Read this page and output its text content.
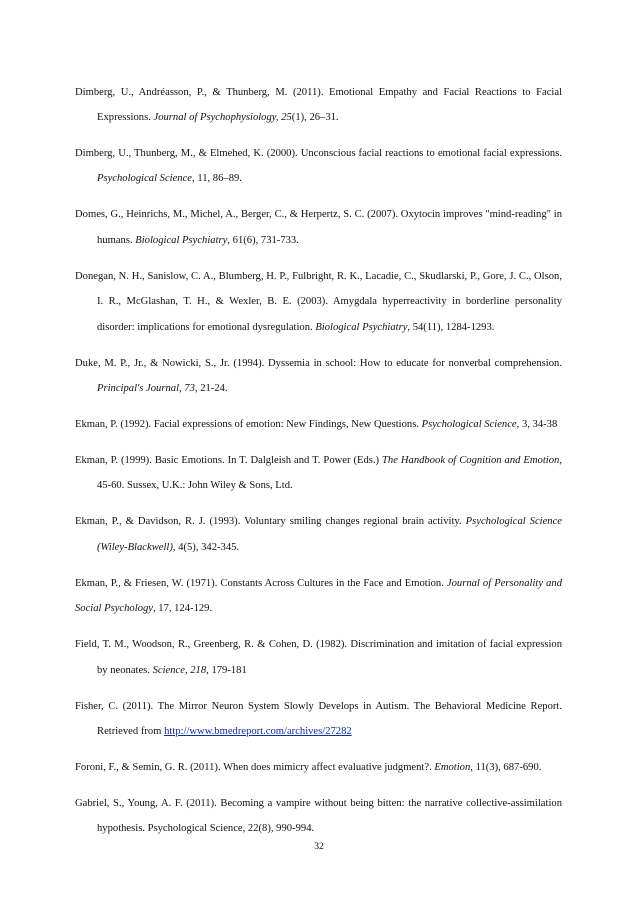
Dimberg, U., Andréasson, P., & Thunberg, M. (2011). Emotional Empathy and Facial Reactions to Facial Expressions. Journal of Psychophysiology, 25(1), 26–31.

Dimberg, U., Thunberg, M., & Elmehed, K. (2000). Unconscious facial reactions to emotional facial expressions. Psychological Science, 11, 86–89.

Domes, G., Heinrichs, M., Michel, A., Berger, C., & Herpertz, S. C. (2007). Oxytocin improves "mind-reading" in humans. Biological Psychiatry, 61(6), 731-733.

Donegan, N. H., Sanislow, C. A., Blumberg, H. P., Fulbright, R. K., Lacadie, C., Skudlarski, P., Gore, J. C., Olson, I. R., McGlashan, T. H., & Wexler, B. E. (2003). Amygdala hyperreactivity in borderline personality disorder: implications for emotional dysregulation. Biological Psychiatry, 54(11), 1284-1293.

Duke, M. P., Jr., & Nowicki, S., Jr. (1994). Dyssemia in school: How to educate for nonverbal comprehension. Principal's Journal, 73, 21-24.

Ekman, P. (1992). Facial expressions of emotion: New Findings, New Questions. Psychological Science, 3, 34-38

Ekman, P. (1999). Basic Emotions. In T. Dalgleish and T. Power (Eds.) The Handbook of Cognition and Emotion, 45-60. Sussex, U.K.: John Wiley & Sons, Ltd.

Ekman, P., & Davidson, R. J. (1993). Voluntary smiling changes regional brain activity. Psychological Science (Wiley-Blackwell), 4(5), 342-345.

Ekman, P., & Friesen, W. (1971). Constants Across Cultures in the Face and Emotion. Journal of Personality and Social Psychology, 17, 124-129.

Field, T. M., Woodson, R., Greenberg, R. & Cohen, D. (1982). Discrimination and imitation of facial expression by neonates. Science, 218, 179-181

Fisher, C. (2011). The Mirror Neuron System Slowly Develops in Autism. The Behavioral Medicine Report. Retrieved from http://www.bmedreport.com/archives/27282

Foroni, F., & Semin, G. R. (2011). When does mimicry affect evaluative judgment?. Emotion, 11(3), 687-690.

Gabriel, S., Young, A. F. (2011). Becoming a vampire without being bitten: the narrative collective-assimilation hypothesis. Psychological Science, 22(8), 990-994.

32
